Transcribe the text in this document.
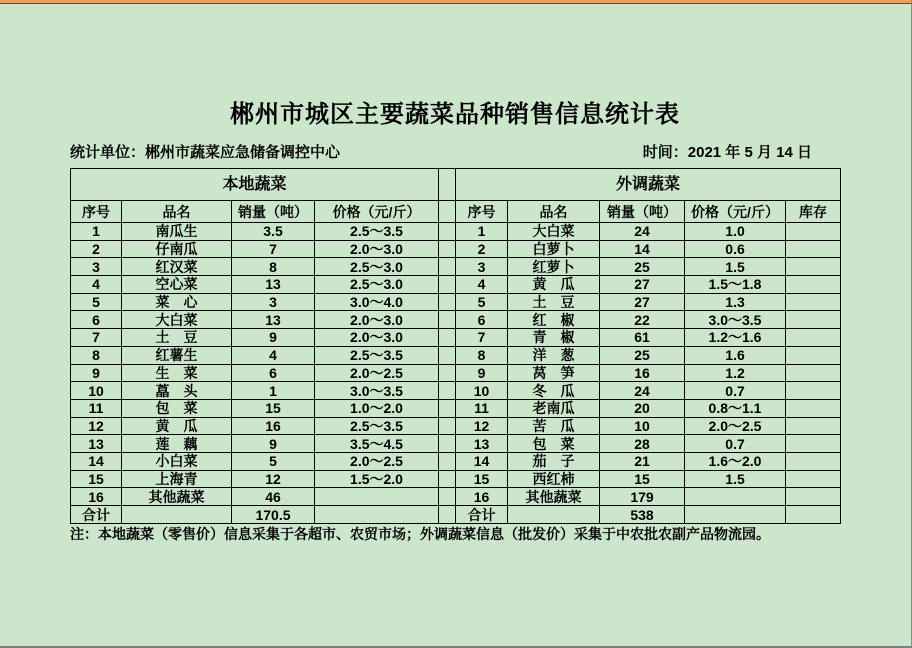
郴州市城区主要蔬菜品种销售信息统计表
统计单位：郴州市蔬菜应急储备调控中心	时间：2021 年 5 月 14 日
本地蔬菜					外调蔬菜				
序号	品名	销量（吨）	价格（元/斤）		序号	品名	销量（吨）	价格（元/斤）	库存
1	南瓜生	3.5	2.5～3.5		1	大白菜	24	1.0	
2	仔南瓜	7	2.0～3.0		2	白萝卜	14	0.6	
3	红汉菜	8	2.5～3.0		3	红萝卜	25	1.5	
4	空心菜	13	2.5～3.0		4	黄　瓜	27	1.5～1.8	
5	菜　心	3	3.0～4.0		5	土　豆	27	1.3	
6	大白菜	13	2.0～3.0		6	红　椒	22	3.0～3.5	
7	土　豆	9	2.0～3.0		7	青　椒	61	1.2～1.6	
8	红薯生	4	2.5～3.5		8	洋　葱	25	1.6	
9	生　菜	6	2.0～2.5		9	莴　笋	16	1.2	
10	藠　头	1	3.0～3.5		10	冬　瓜	24	0.7	
11	包　菜	15	1.0～2.0		11	老南瓜	20	0.8～1.1	
12	黄　瓜	16	2.5～3.5		12	苦　瓜	10	2.0～2.5	
13	莲　藕	9	3.5～4.5		13	包　菜	28	0.7	
14	小白菜	5	2.0～2.5		14	茄　子	21	1.6～2.0	
15	上海青	12	1.5～2.0		15	西红柿	15	1.5	
16	其他蔬菜	46			16	其他蔬菜	179		
合计		170.5			合计		538		
注：本地蔬菜（零售价）信息采集于各超市、农贸市场；外调蔬菜信息（批发价）采集于中农批农副产品物流园。
